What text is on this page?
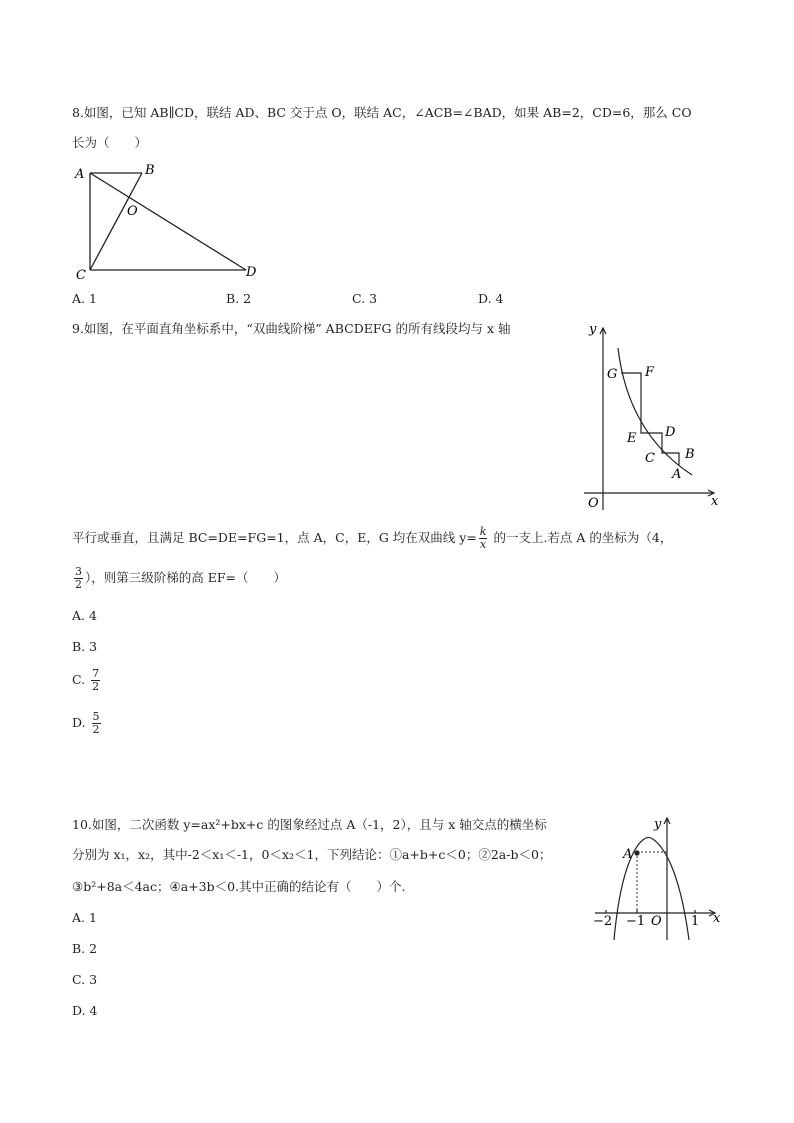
8.如图，已知 AB∥CD，联结 AD、BC 交于点 O，联结 AC，∠ACB=∠BAD，如果 AB=2，CD=6，那么 CO
长为（　　）
A	B
O
C	D
A. 1	B. 2	C. 3	D. 4
9.如图，在平面直角坐标系中，“双曲线阶梯” ABCDEFG 的所有线段均与 x 轴	y
x
O
G F
E D
C B
A
平行或垂直，且满足 BC=DE=FG=1，点 A，C，E，G 均在双曲线 $y= \frac{k}{x}$ 的一支上.若点 A 的坐标为（4，
$\frac{3}{2}$ ），则第三级阶梯的高 EF=（　　）
A. 4
B. 3
C. $\frac{7}{2}$
D. $\frac{5}{2}$
10.如图，二次函数 y=ax²+bx+c 的图象经过点 A（-1，2），且与 x 轴交点的横坐标
分别为 x₁，x₂，其中-2＜x₁＜-1，0＜x₂＜1，下列结论：①a+b+c＜0；②2a-b＜0；
③b²+8a＜4ac；④a+3b＜0.其中正确的结论有（　　）个.
y
x
A
O
−2 −1	1
A. 1
B. 2
C. 3
D. 4
